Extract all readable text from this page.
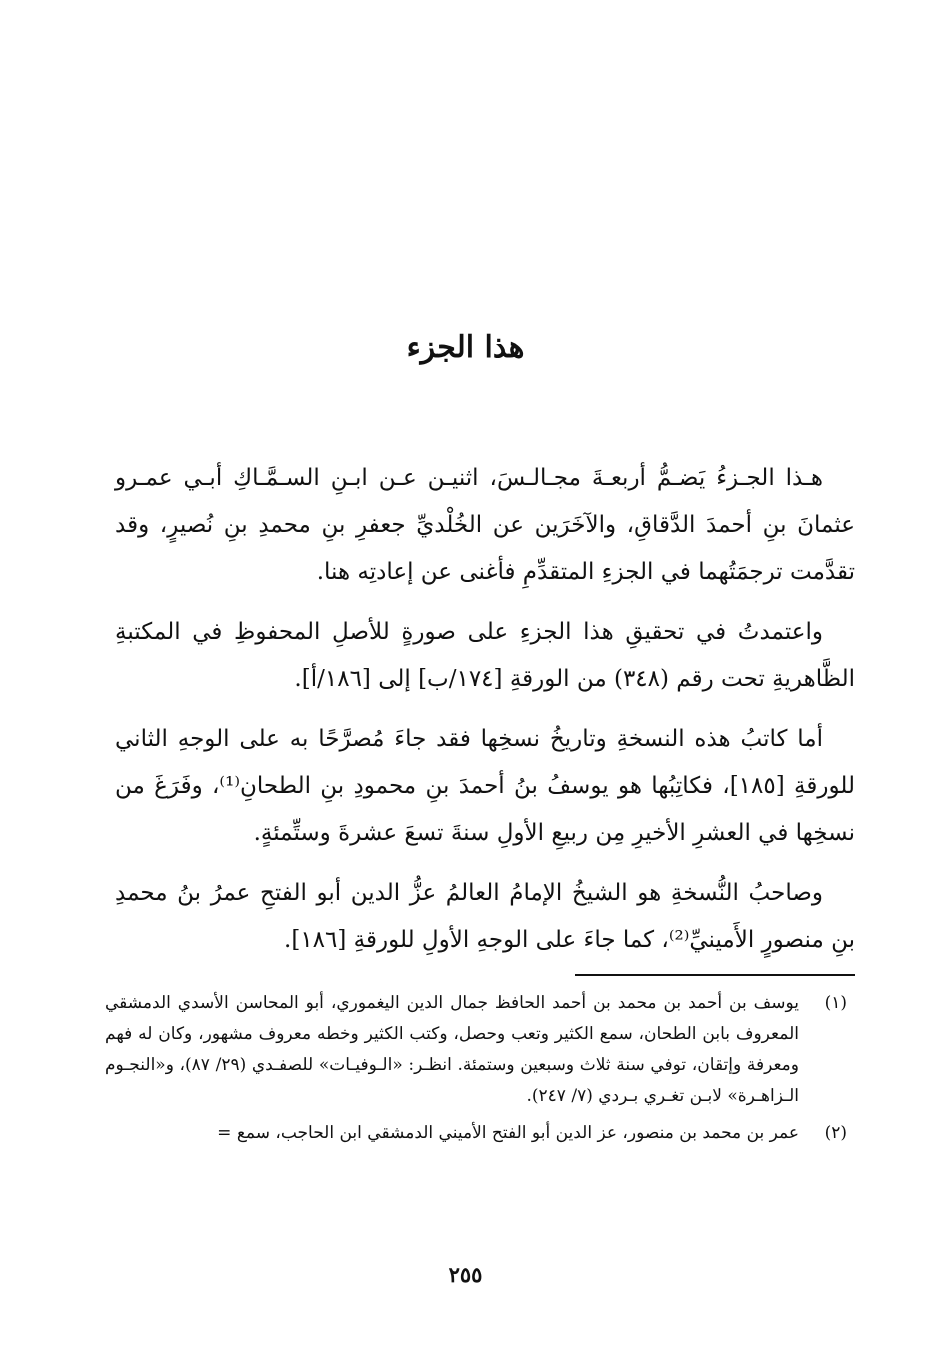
هذا الجزء

هـذا الجـزءُ يَضـمُّ أربعـةَ مجـالـسَ، اثنيـن عـن ابـنِ السـمَّـاكِ أبـي عمـرو عثمانَ بنِ أحمدَ الدَّقاقِ، والآخَرَين عن الخُلْديِّ جعفرِ بنِ محمدِ بنِ نُصيرٍ، وقد تقدَّمت ترجمَتُهما في الجزءِ المتقدِّمِ فأغنى عن إعادتِه هنا.

واعتمدتُ في تحقيقِ هذا الجزءِ على صورةٍ للأصلِ المحفوظِ في المكتبةِ الظَّاهريةِ تحت رقم (٣٤٨) من الورقةِ [١٧٤/ب] إلى [١٨٦/أ].

أما كاتبُ هذه النسخةِ وتاريخُ نسخِها فقد جاءَ مُصرَّحًا به على الوجهِ الثاني للورقةِ [١٨٥]، فكاتِبُها هو يوسفُ بنُ أحمدَ بنِ محمودِ بنِ الطحانِ⁽¹⁾، وفَرَغَ من نسخِها في العشرِ الأخيرِ مِن ربيعِ الأولِ سنةَ تسعَ عشرةَ وستِّمئةٍ.

وصاحبُ النُّسخةِ هو الشيخُ الإمامُ العالمُ عزُّ الدين أبو الفتحِ عمرُ بنُ محمدِ بنِ منصورٍ الأَمينيِّ⁽²⁾، كما جاءَ على الوجهِ الأولِ للورقةِ [١٨٦].

(١)
يوسف بن أحمد بن محمد بن أحمد الحافظ جمال الدين اليغموري، أبو المحاسن الأسدي الدمشقي المعروف بابن الطحان، سمع الكثير وتعب وحصل، وكتب الكثير وخطه معروف مشهور، وكان له فهم ومعرفة وإتقان، توفي سنة ثلاث وسبعين وستمئة. انظـر: «الـوفيـات» للصفـدي (٢٩/ ٨٧)، و«النجـوم الـزاهـرة» لابـن تغـري بـردي (٧/ ٢٤٧).
(٢)
عمر بن محمد بن منصور، عز الدين أبو الفتح الأميني الدمشقي ابن الحاجب، سمع =
٢٥٥
